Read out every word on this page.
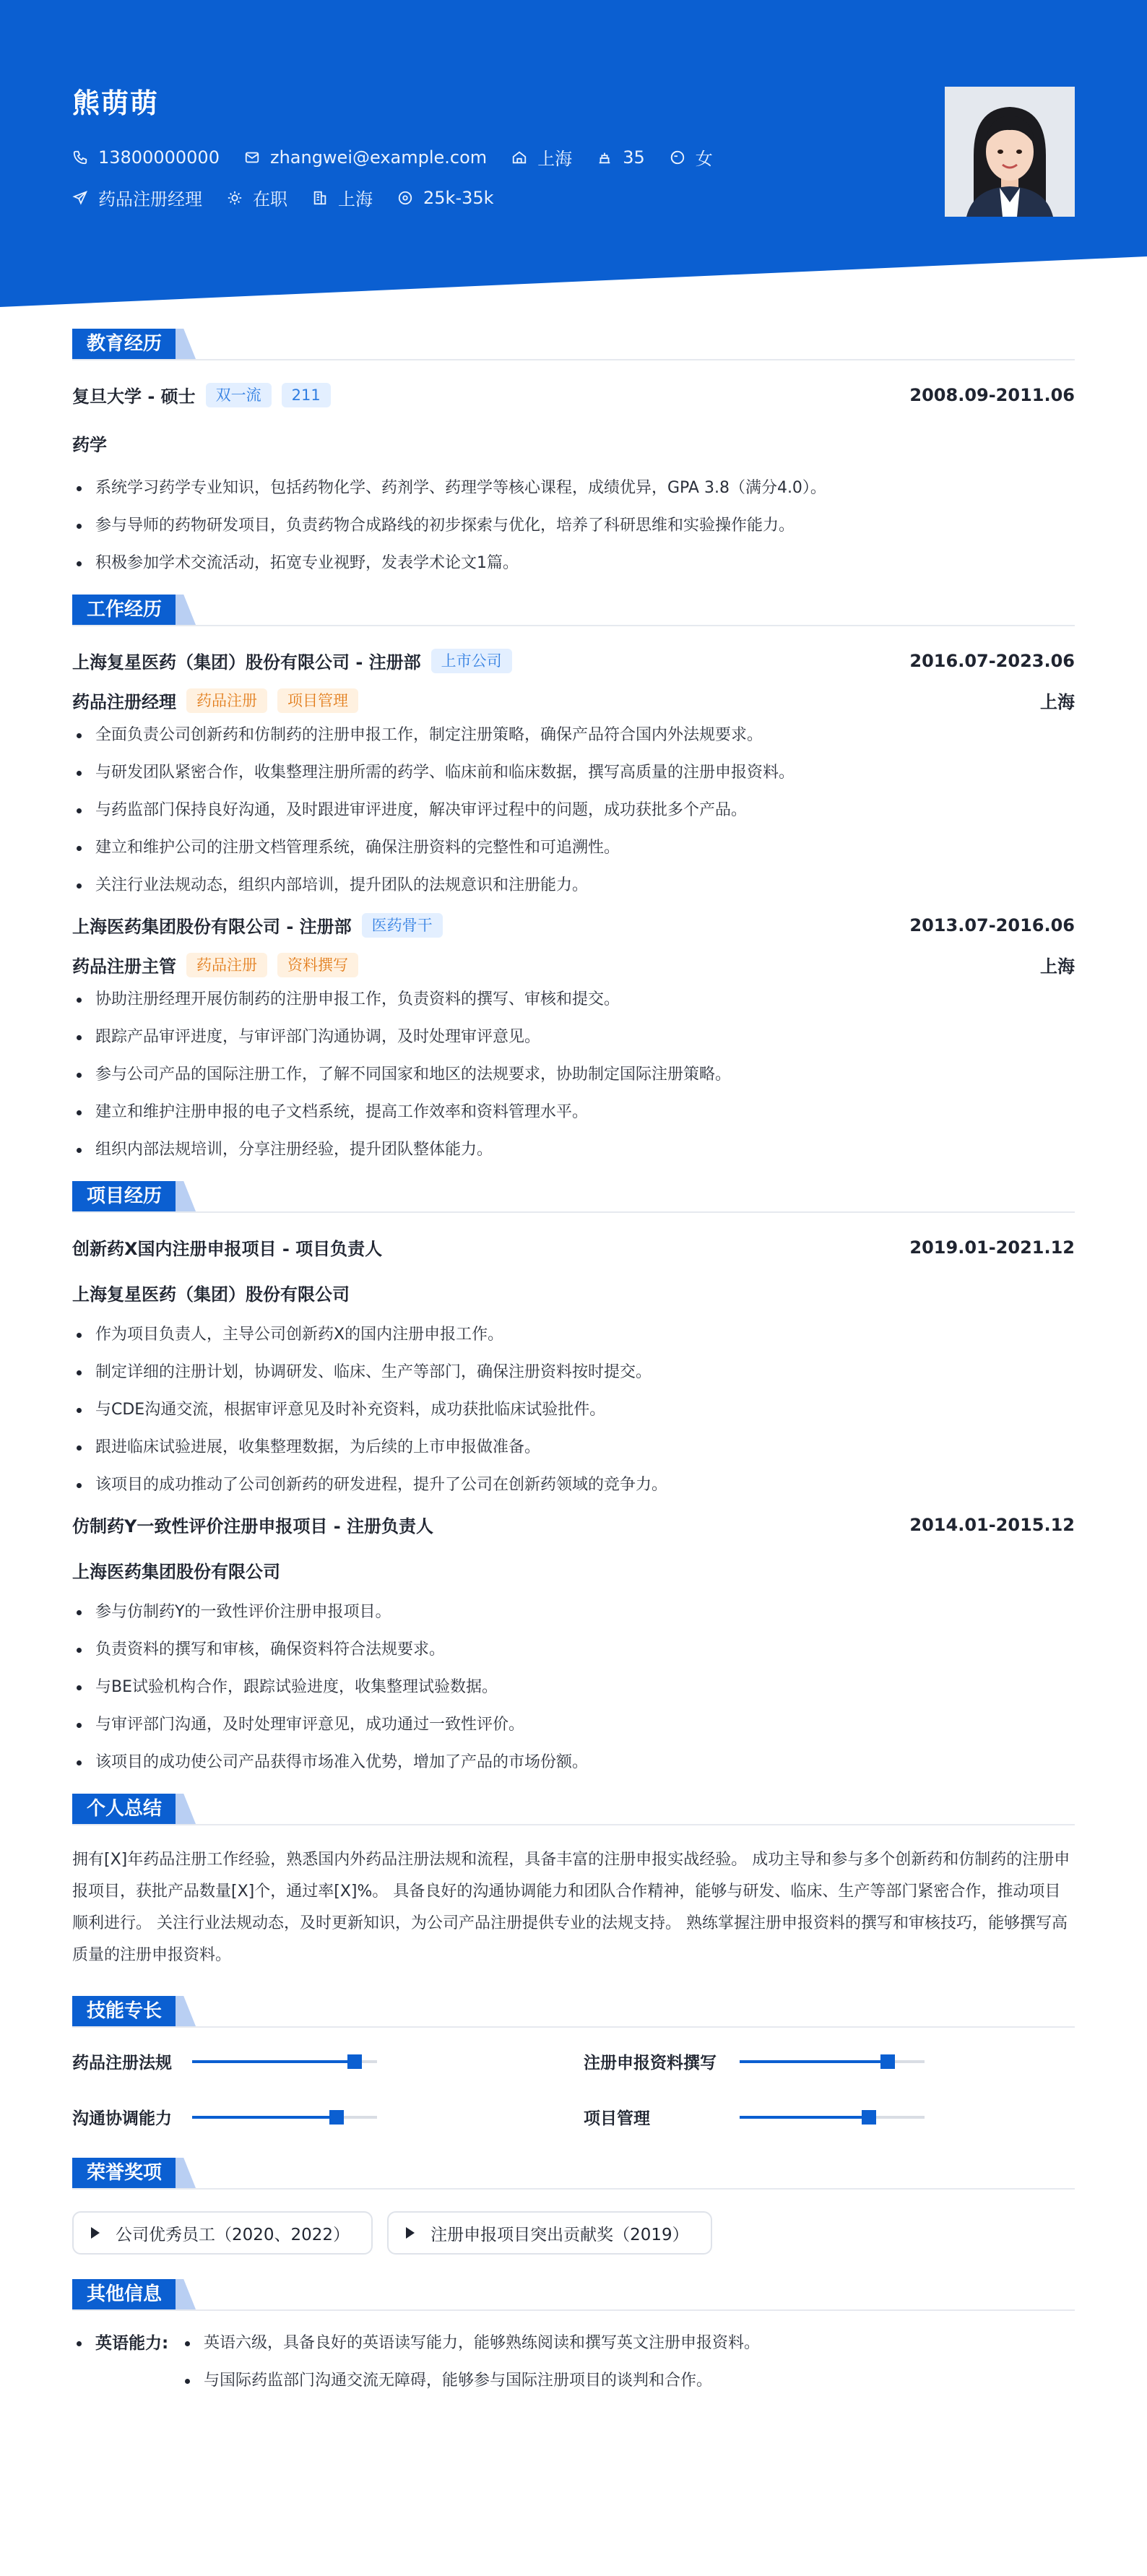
熊萌萌
13800000000	zhangwei@example.com	上海	35	女
药品注册经理	在职	上海	25k-35k
教育经历
复旦大学 - 硕士	双一流	211	2008.09-2011.06
药学
系统学习药学专业知识，包括药物化学、药剂学、药理学等核心课程，成绩优异，GPA 3.8（满分4.0）。
参与导师的药物研发项目，负责药物合成路线的初步探索与优化，培养了科研思维和实验操作能力。
积极参加学术交流活动，拓宽专业视野，发表学术论文1篇。
工作经历
上海复星医药（集团）股份有限公司 - 注册部	上市公司	2016.07-2023.06
药品注册经理	药品注册	项目管理	上海
全面负责公司创新药和仿制药的注册申报工作，制定注册策略，确保产品符合国内外法规要求。
与研发团队紧密合作，收集整理注册所需的药学、临床前和临床数据，撰写高质量的注册申报资料。
与药监部门保持良好沟通，及时跟进审评进度，解决审评过程中的问题，成功获批多个产品。
建立和维护公司的注册文档管理系统，确保注册资料的完整性和可追溯性。
关注行业法规动态，组织内部培训，提升团队的法规意识和注册能力。
上海医药集团股份有限公司 - 注册部	医药骨干	2013.07-2016.06
药品注册主管	药品注册	资料撰写	上海
协助注册经理开展仿制药的注册申报工作，负责资料的撰写、审核和提交。
跟踪产品审评进度，与审评部门沟通协调，及时处理审评意见。
参与公司产品的国际注册工作，了解不同国家和地区的法规要求，协助制定国际注册策略。
建立和维护注册申报的电子文档系统，提高工作效率和资料管理水平。
组织内部法规培训，分享注册经验，提升团队整体能力。
项目经历
创新药X国内注册申报项目 - 项目负责人	2019.01-2021.12
上海复星医药（集团）股份有限公司
作为项目负责人，主导公司创新药X的国内注册申报工作。
制定详细的注册计划，协调研发、临床、生产等部门，确保注册资料按时提交。
与CDE沟通交流，根据审评意见及时补充资料，成功获批临床试验批件。
跟进临床试验进展，收集整理数据，为后续的上市申报做准备。
该项目的成功推动了公司创新药的研发进程，提升了公司在创新药领域的竞争力。
仿制药Y一致性评价注册申报项目 - 注册负责人	2014.01-2015.12
上海医药集团股份有限公司
参与仿制药Y的一致性评价注册申报项目。
负责资料的撰写和审核，确保资料符合法规要求。
与BE试验机构合作，跟踪试验进度，收集整理试验数据。
与审评部门沟通，及时处理审评意见，成功通过一致性评价。
该项目的成功使公司产品获得市场准入优势，增加了产品的市场份额。
个人总结
拥有[X]年药品注册工作经验，熟悉国内外药品注册法规和流程，具备丰富的注册申报实战经验。 成功主导和参与多个创新药和仿制药的注册申报项目，获批产品数量[X]个，通过率[X]%。 具备良好的沟通协调能力和团队合作精神，能够与研发、临床、生产等部门紧密合作，推动项目顺利进行。 关注行业法规动态，及时更新知识，为公司产品注册提供专业的法规支持。 熟练掌握注册申报资料的撰写和审核技巧，能够撰写高质量的注册申报资料。
技能专长
药品注册法规	注册申报资料撰写
沟通协调能力	项目管理
荣誉奖项
公司优秀员工（2020、2022）	注册申报项目突出贡献奖（2019）
其他信息
英语能力:	英语六级，具备良好的英语读写能力，能够熟练阅读和撰写英文注册申报资料。
与国际药监部门沟通交流无障碍，能够参与国际注册项目的谈判和合作。
